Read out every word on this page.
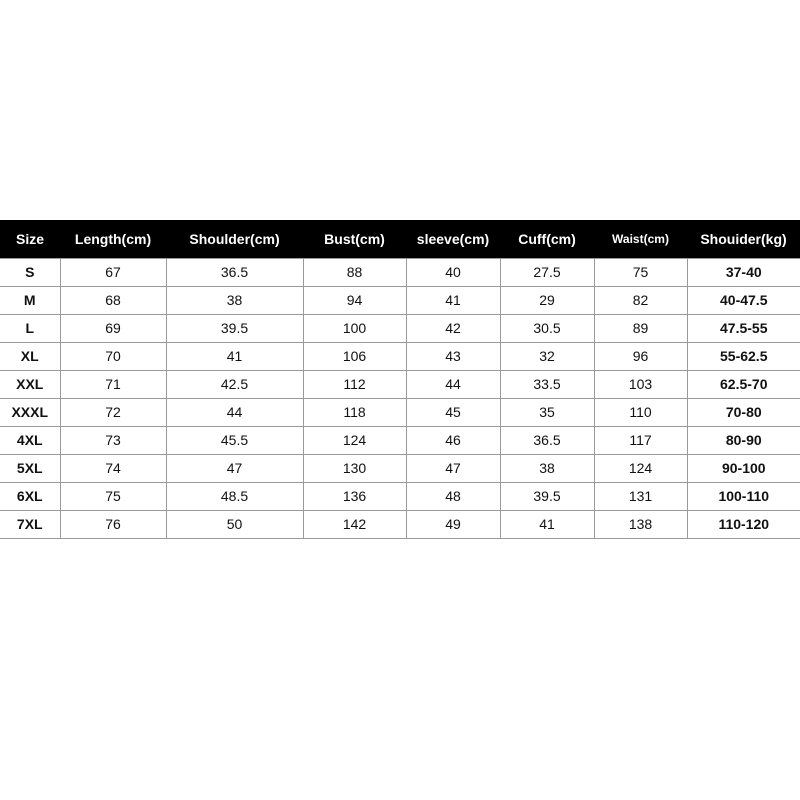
Size	Length(cm)	Shoulder(cm)	Bust(cm)	sleeve(cm)	Cuff(cm)	Waist(cm)	Shouider(kg)
S	67	36.5	88	40	27.5	75	37-40
M	68	38	94	41	29	82	40-47.5
L	69	39.5	100	42	30.5	89	47.5-55
XL	70	41	106	43	32	96	55-62.5
XXL	71	42.5	112	44	33.5	103	62.5-70
XXXL	72	44	118	45	35	110	70-80
4XL	73	45.5	124	46	36.5	117	80-90
5XL	74	47	130	47	38	124	90-100
6XL	75	48.5	136	48	39.5	131	100-110
7XL	76	50	142	49	41	138	110-120
